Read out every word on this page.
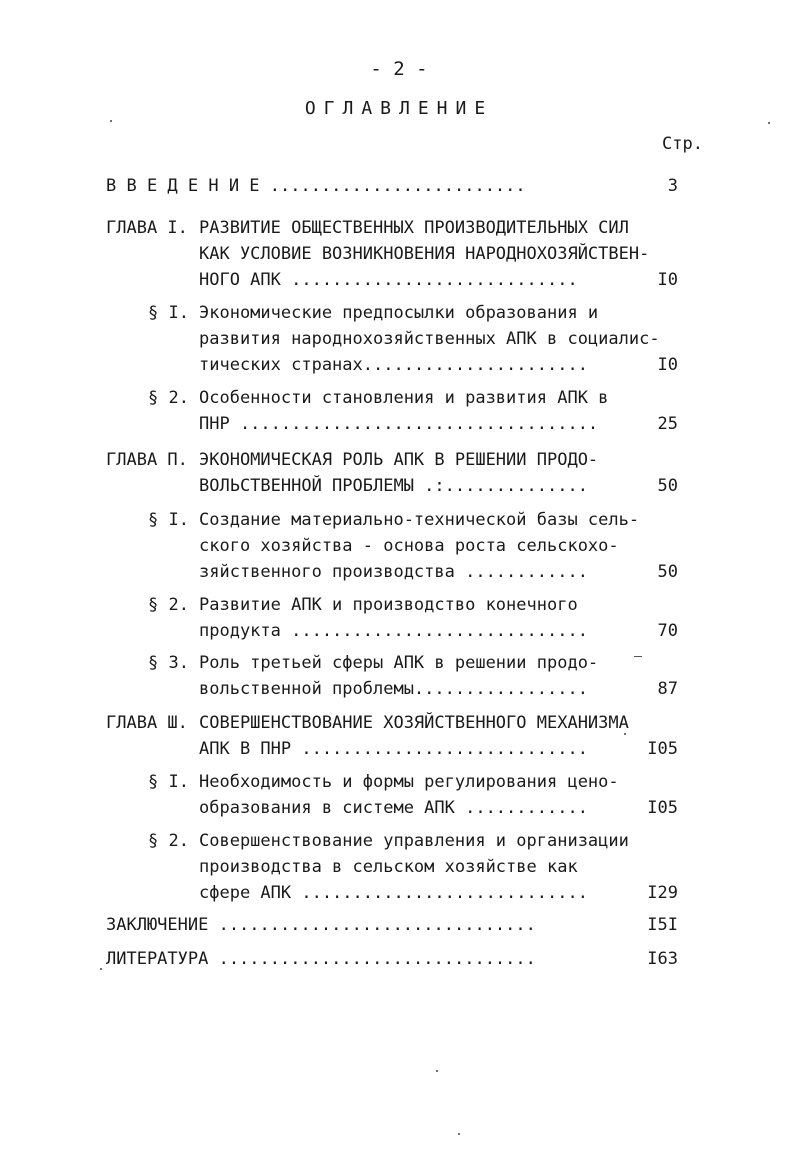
- 2 -
ОГЛАВЛЕНИЕ
Стр.
В В Е Д Е Н И Е .........................	3
ГЛАВА I. РАЗВИТИЕ ОБЩЕСТВЕННЫХ ПРОИЗВОДИТЕЛЬНЫХ СИЛ
КАК УСЛОВИЕ ВОЗНИКНОВЕНИЯ НАРОДНОХОЗЯЙСТВЕН-
НОГО АПК ............................	I0
§ I. Экономические предпосылки образования и
развития народнохозяйственных АПК в социалис-
тических странах......................	I0
§ 2. Особенности становления и развития АПК в
ПНР ...................................	25
ГЛАВА П. ЭКОНОМИЧЕСКАЯ РОЛЬ АПК В РЕШЕНИИ ПРОДО-
ВОЛЬСТВЕННОЙ ПРОБЛЕМЫ .:..............	50
§ I. Создание материально-технической базы сель-
ского хозяйства - основа роста сельскохо-
зяйственного производства ............	50
§ 2. Развитие АПК и производство конечного
продукта .............................	70
§ 3. Роль третьей сферы АПК в решении продо-
вольственной проблемы.................	87
ГЛАВА Ш. СОВЕРШЕНСТВОВАНИЕ ХОЗЯЙСТВЕННОГО МЕХАНИЗМА
АПК В ПНР ............................	I05
§ I. Необходимость и формы регулирования цено-
образования в системе АПК ............	I05
§ 2. Совершенствование управления и организации
производства в сельском хозяйстве как
сфере АПК ............................	I29
ЗАКЛЮЧЕНИЕ ...............................	I5I
ЛИТЕРАТУРА ...............................	I63
